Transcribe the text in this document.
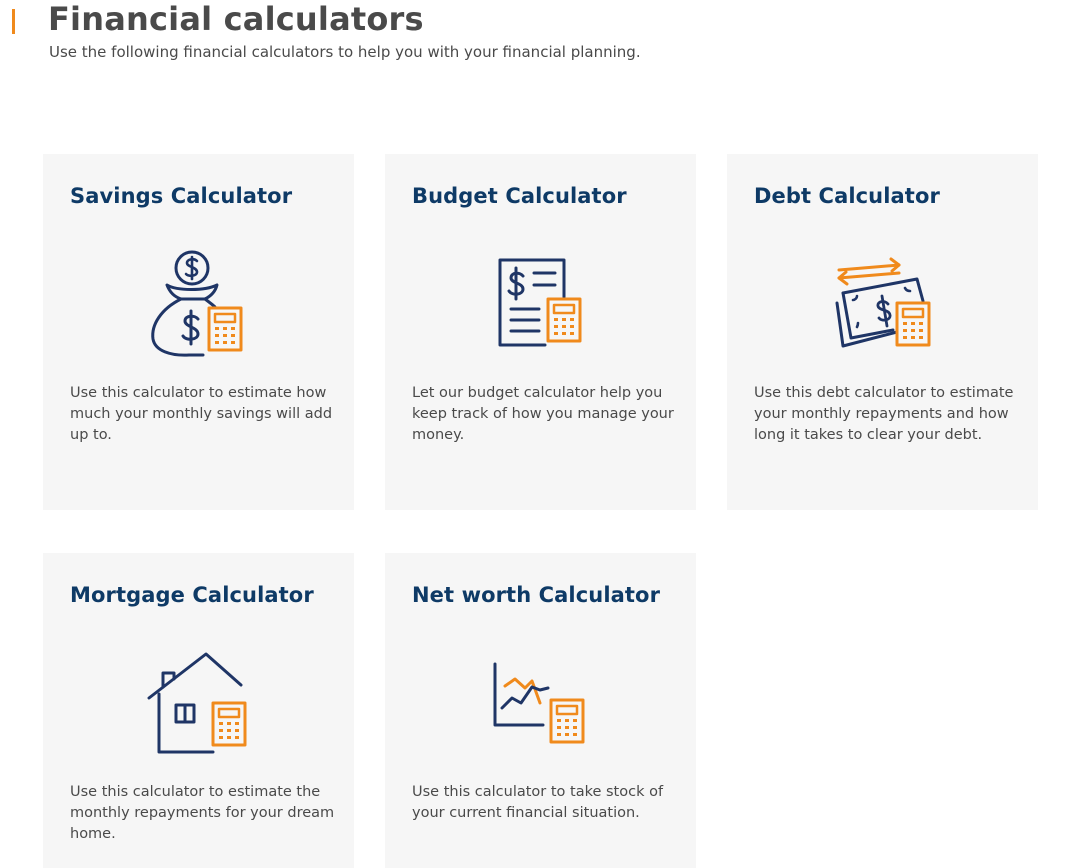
Financial calculators

Use the following financial calculators to help you with your financial planning.

Savings Calculator

Use this calculator to estimate how much your monthly savings will add up to.

Budget Calculator

Let our budget calculator help you keep track of how you manage your money.

Debt Calculator

Use this debt calculator to estimate your monthly repayments and how long it takes to clear your debt.

Mortgage Calculator

Use this calculator to estimate the monthly repayments for your dream home.

Net worth Calculator

Use this calculator to take stock of your current financial situation.
